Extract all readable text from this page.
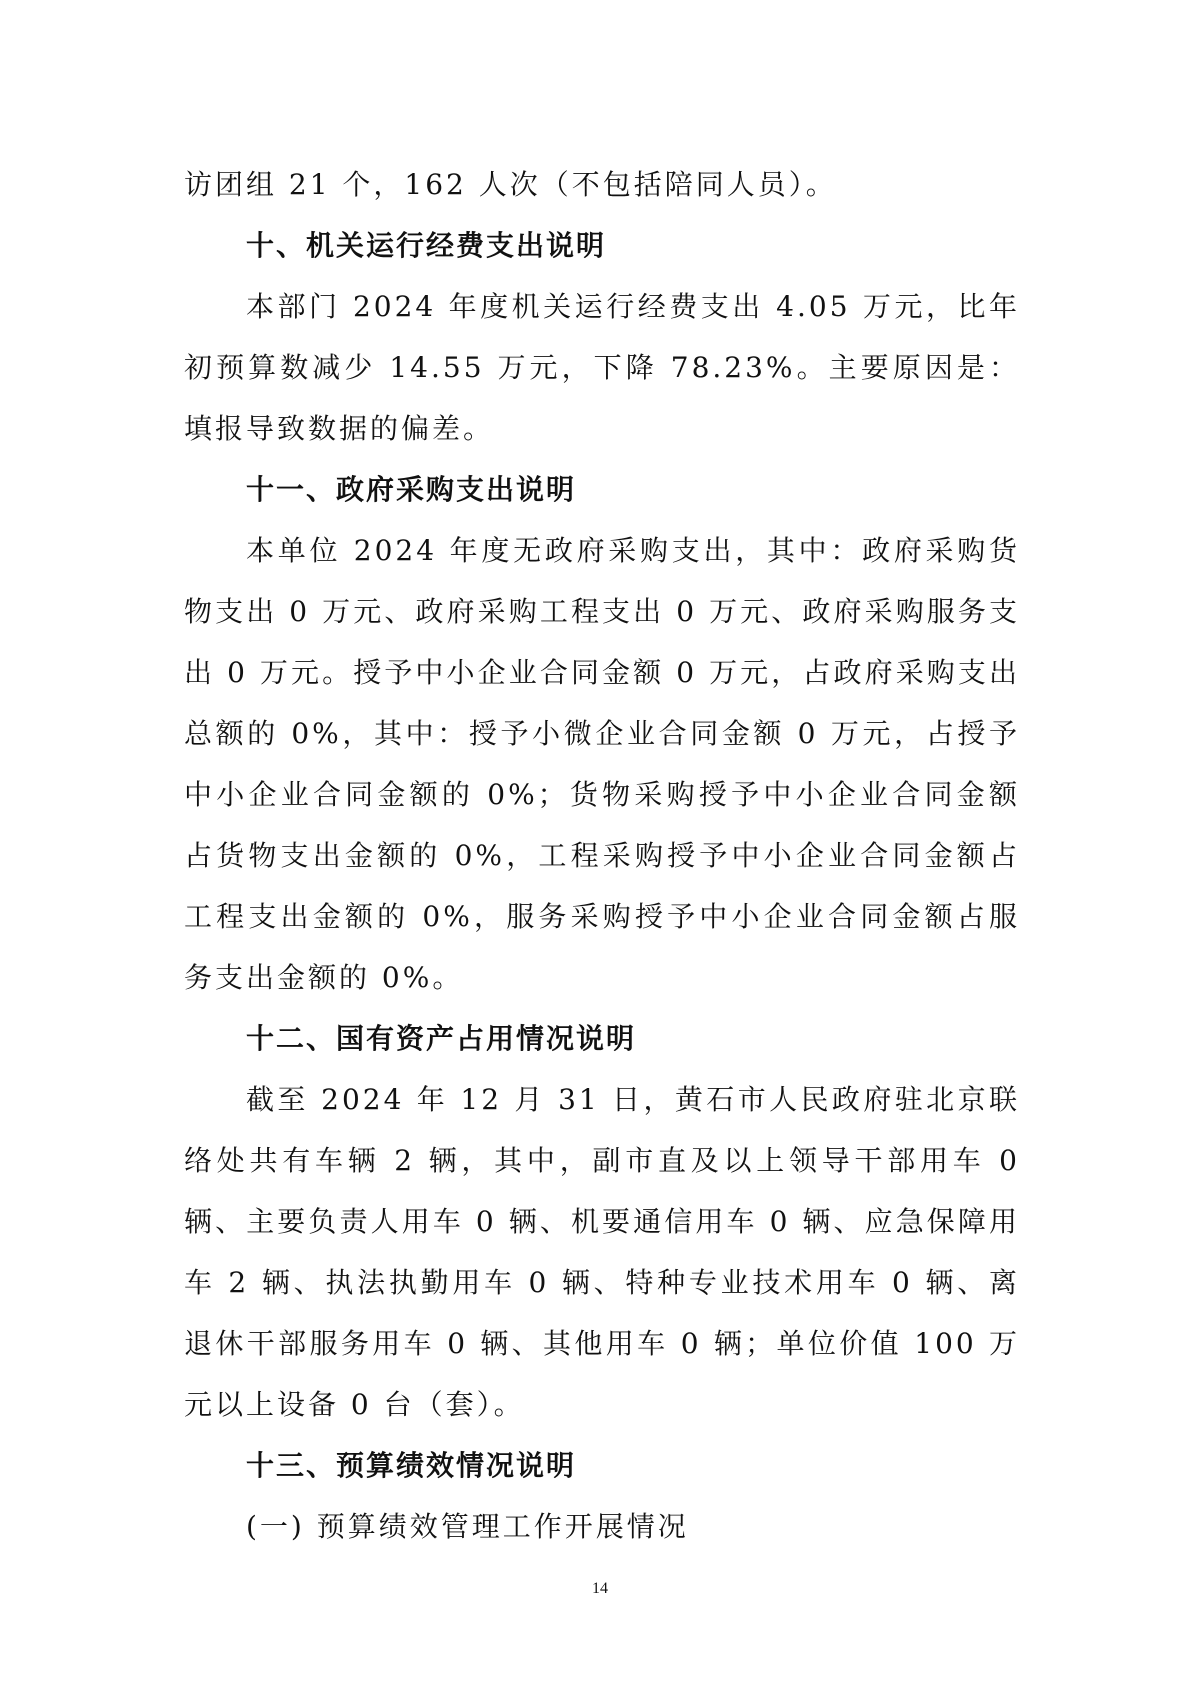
访团组 21 个，162 人次（不包括陪同人员）。

十、机关运行经费支出说明

本部门 2024 年度机关运行经费支出 4.05 万元，比年初预算数减少 14.55 万元，下降 78.23%。主要原因是：填报导致数据的偏差。

十一、政府采购支出说明

本单位 2024 年度无政府采购支出，其中：政府采购货物支出 0 万元、政府采购工程支出 0 万元、政府采购服务支出 0 万元。授予中小企业合同金额 0 万元，占政府采购支出总额的 0%，其中：授予小微企业合同金额 0 万元，占授予中小企业合同金额的 0%；货物采购授予中小企业合同金额占货物支出金额的 0%，工程采购授予中小企业合同金额占工程支出金额的 0%，服务采购授予中小企业合同金额占服务支出金额的 0%。

十二、国有资产占用情况说明

截至 2024 年 12 月 31 日，黄石市人民政府驻北京联络处共有车辆 2 辆，其中，副市直及以上领导干部用车 0 辆、主要负责人用车 0 辆、机要通信用车 0 辆、应急保障用车 2 辆、执法执勤用车 0 辆、特种专业技术用车 0 辆、离退休干部服务用车 0 辆、其他用车 0 辆；单位价值 100 万元以上设备 0 台（套）。

十三、预算绩效情况说明

(一) 预算绩效管理工作开展情况

14
